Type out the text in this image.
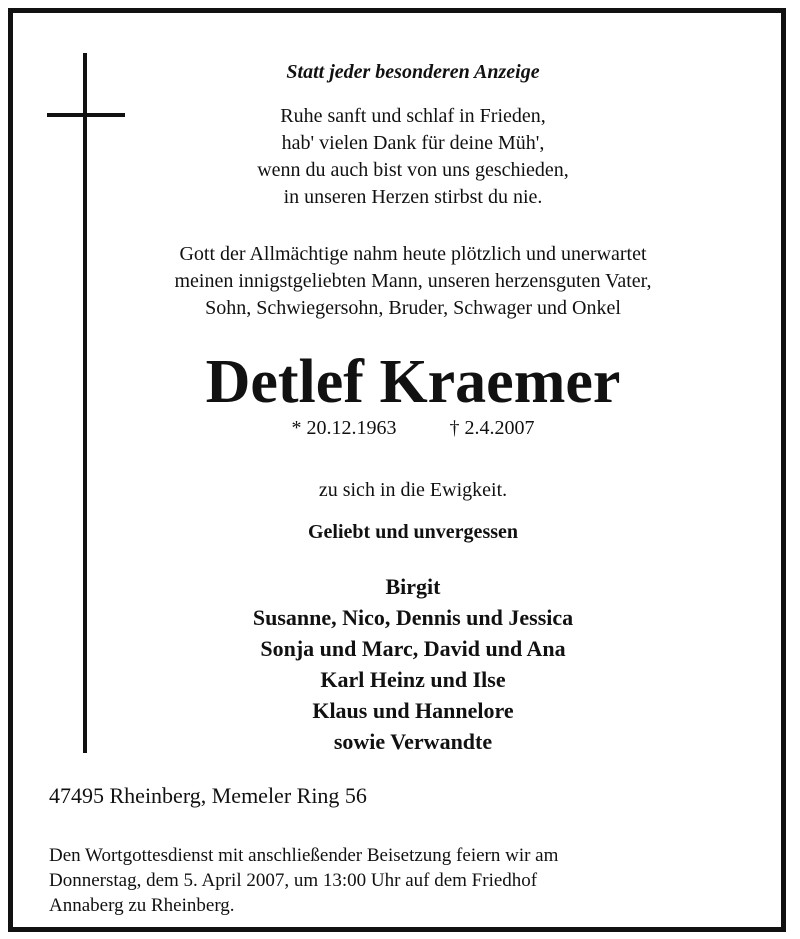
Statt jeder besonderen Anzeige
Ruhe sanft und schlaf in Frieden,
hab' vielen Dank für deine Müh',
wenn du auch bist von uns geschieden,
in unseren Herzen stirbst du nie.
Gott der Allmächtige nahm heute plötzlich und unerwartet
meinen innigstgeliebten Mann, unseren herzensguten Vater,
Sohn, Schwiegersohn, Bruder, Schwager und Onkel
Detlef Kraemer
* 20.12.1963	† 2.4.2007
zu sich in die Ewigkeit.
Geliebt und unvergessen
Birgit
Susanne, Nico, Dennis und Jessica
Sonja und Marc, David und Ana
Karl Heinz und Ilse
Klaus und Hannelore
sowie Verwandte
47495 Rheinberg, Memeler Ring 56
Den Wortgottesdienst mit anschließender Beisetzung feiern wir am
Donnerstag, dem 5. April 2007, um 13:00 Uhr auf dem Friedhof
Annaberg zu Rheinberg.
